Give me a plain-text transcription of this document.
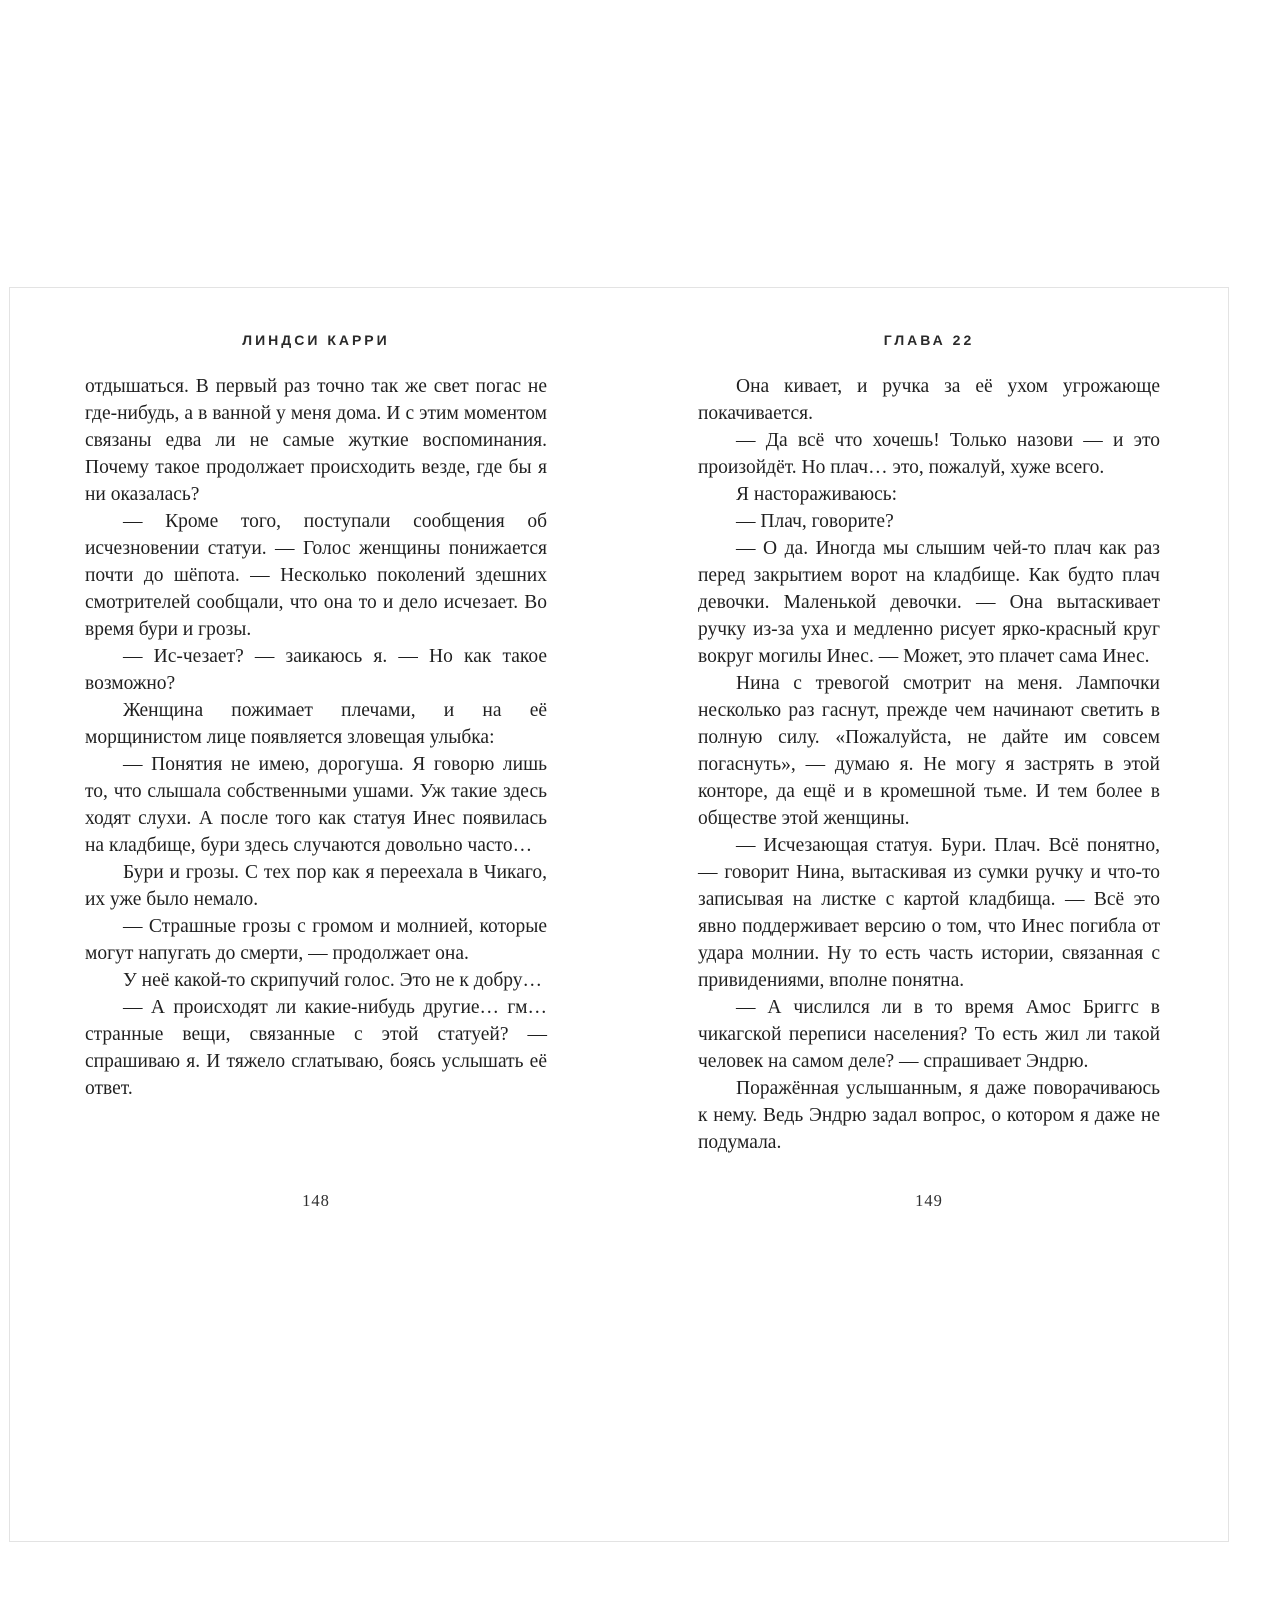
ЛИНДСИ КАРРИ

отдышаться. В первый раз точно так же свет погас не где-нибудь, а в ванной у меня дома. И с этим моментом связаны едва ли не самые жуткие воспоминания. Почему такое продолжает происходить везде, где бы я ни оказалась?

— Кроме того, поступали сообщения об исчезновении статуи. — Голос женщины понижается почти до шёпота. — Несколько поколений здешних смотрителей сообщали, что она то и дело исчезает. Во время бури и грозы.

— Ис-чезает? — заикаюсь я. — Но как такое возможно?

Женщина пожимает плечами, и на её морщинистом лице появляется зловещая улыбка:

— Понятия не имею, дорогуша. Я говорю лишь то, что слышала собственными ушами. Уж такие здесь ходят слухи. А после того как статуя Инес появилась на кладбище, бури здесь случаются довольно часто…

Бури и грозы. С тех пор как я переехала в Чикаго, их уже было немало.

— Страшные грозы с громом и молнией, которые могут напугать до смерти, — продолжает она.

У неё какой-то скрипучий голос. Это не к добру…

— А происходят ли какие-нибудь другие… гм… странные вещи, связанные с этой статуей? — спрашиваю я. И тяжело сглатываю, боясь услышать её ответ.

148
ГЛАВА 22

Она кивает, и ручка за её ухом угрожающе покачивается.

— Да всё что хочешь! Только назови — и это произойдёт. Но плач… это, пожалуй, хуже всего.

Я настораживаюсь:

— Плач, говорите?

— О да. Иногда мы слышим чей-то плач как раз перед закрытием ворот на кладбище. Как будто плач девочки. Маленькой девочки. — Она вытаскивает ручку из-за уха и медленно рисует ярко-красный круг вокруг могилы Инес. — Может, это плачет сама Инес.

Нина с тревогой смотрит на меня. Лампочки несколько раз гаснут, прежде чем начинают светить в полную силу. «Пожалуйста, не дайте им совсем погаснуть», — думаю я. Не могу я застрять в этой конторе, да ещё и в кромешной тьме. И тем более в обществе этой женщины.

— Исчезающая статуя. Бури. Плач. Всё понятно, — говорит Нина, вытаскивая из сумки ручку и что-то записывая на листке с картой кладбища. — Всё это явно поддерживает версию о том, что Инес погибла от удара молнии. Ну то есть часть истории, связанная с привидениями, вполне понятна.

— А числился ли в то время Амос Бриггс в чикагской переписи населения? То есть жил ли такой человек на самом деле? — спрашивает Эндрю.

Поражённая услышанным, я даже поворачиваюсь к нему. Ведь Эндрю задал вопрос, о котором я даже не подумала.

149
